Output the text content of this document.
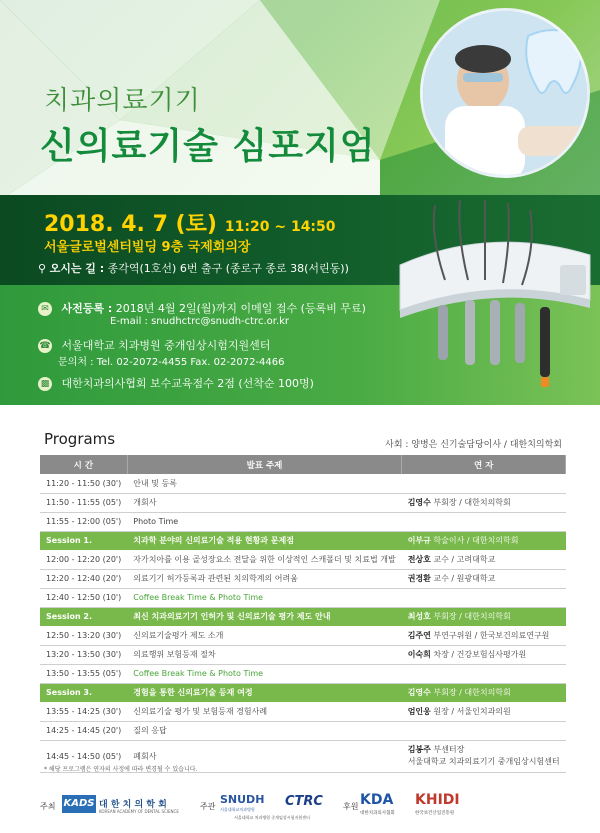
치과의료기기
신의료기술 심포지엄
2018. 4. 7 (토) 11:20 ~ 14:50
서울글로벌센터빌딩 9층 국제회의장
⚲ 오시는 길 : 종각역(1호선) 6번 출구 (종로구 종로 38(서린동))
✉ 사전등록 : 2018년 4월 2일(월)까지 이메일 접수 (등록비 무료)
E-mail : snudhctrc@snudh-ctrc.or.kr
☎ 서울대학교 치과병원 중개임상시험지원센터
문의처 : Tel. 02-2072-4455 Fax. 02-2072-4466
▩ 대한치과의사협회 보수교육점수 2점 (선착순 100명)
Programs	사회 : 양병은 신기술담당이사 / 대한치의학회
시 간	발표 주제	연 자
11:20 - 11:50 (30')	안내 및 등록	
11:50 - 11:55 (05')	개회사	김영수 부회장 / 대한치의학회
11:55 - 12:00 (05')	Photo Time	
Session 1.	치과학 분야의 신의료기술 적용 현황과 문제점	이부규 학술이사 / 대한치의학회
12:00 - 12:20 (20')	자가치아를 이용 골성장요소 전달을 위한 이상적인 스캐폴더 및 치료법 개발	전상호 교수 / 고려대학교
12:20 - 12:40 (20')	의료기기 허가등록과 관련된 치의학계의 어려움	권경환 교수 / 원광대학교
12:40 - 12:50 (10')	Coffee Break Time & Photo Time	
Session 2.	최신 치과의료기기 인허가 및 신의료기술 평가 제도 안내	최성호 부회장 / 대한치의학회
12:50 - 13:20 (30')	신의료기술평가 제도 소개	김주연 부연구위원 / 한국보건의료연구원
13:20 - 13:50 (30')	의료행위 보험등재 절차	이숙희 차장 / 건강보험심사평가원
13:50 - 13:55 (05')	Coffee Break Time & Photo Time	
Session 3.	경험을 통한 신의료기술 등재 여정	김영수 부회장 / 대한치의학회
13:55 - 14:25 (30')	신의료기술 평가 및 보험등재 경험사례	엄인웅 원장 / 서울인치과의원
14:25 - 14:45 (20')	질의 응답	
14:45 - 14:50 (05')	폐회사	김봉주 부센터장
서울대학교 치과의료기기 중개임상시험센터
* 해당 프로그램은 연자의 사정에 따라 변경될 수 있습니다.
주최 KADS 대 한 치 의 학 회
KOREAN ACADEMY OF DENTAL SCIENCE
주관
SNUDH
서울대학교치과병원
CTRC
서울대학교 치과병원 중개임상시험지원센터
후원 KDA
대한치과의사협회
KHIDI
한국보건산업진흥원
